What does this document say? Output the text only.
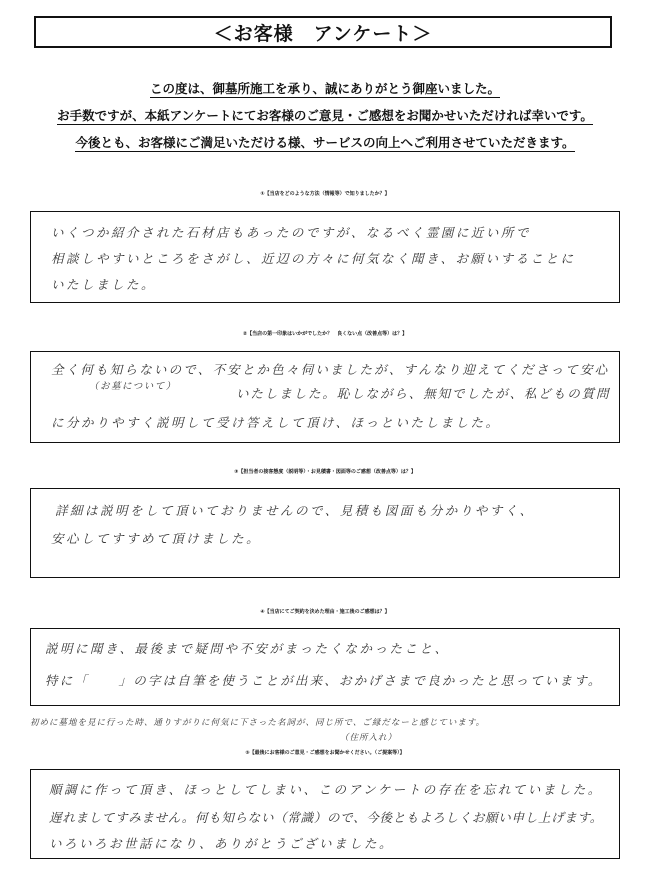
＜お客様　アンケート＞
この度は、御墓所施工を承り、誠にありがとう御座いました。
お手数ですが、本紙アンケートにてお客様のご意見・ご感想をお聞かせいただければ幸いです。
今後とも、お客様にご満足いただける様、サービスの向上へご利用させていただきます。
①【当店をどのような方法（情報等）で知りましたか？】
いくつか紹介された石材店もあったのですが、なるべく霊園に近い所で
相談しやすいところをさがし、近辺の方々に何気なく聞き、お願いすることに
いたしました。
②【当店の第一印象はいかがでしたか？　良くない点（改善点等）は？】
全く何も知らないので、不安とか色々伺いましたが、すんなり迎えてくださって安心
（お墓について）	いたしました。恥しながら、無知でしたが、私どもの質問
に分かりやすく説明して受け答えして頂け、ほっといたしました。
③【担当者の接客態度（説明等）・お見積書・図面等のご感想（改善点等）は？】
詳細は説明をして頂いておりませんので、見積も図面も分かりやすく、
安心してすすめて頂けました。
④【当店にてご契約を決めた理由・施工後のご感想は？】
説明に聞き、最後まで疑問や不安がまったくなかったこと、
特に「　　」の字は自筆を使うことが出来、おかげさまで良かったと思っています。
初めに墓地を見に行った時、通りすがりに何気に下さった名詞が、同じ所で、ご縁だなーと感じています。
（住所入れ）
⑤【最後にお客様のご意見・ご感想をお聞かせください。（ご提案等）】
順調に作って頂き、ほっとしてしまい、このアンケートの存在を忘れていました。
遅れましてすみません。何も知らない（常識）ので、今後ともよろしくお願い申し上げます。
いろいろお世話になり、ありがとうございました。
